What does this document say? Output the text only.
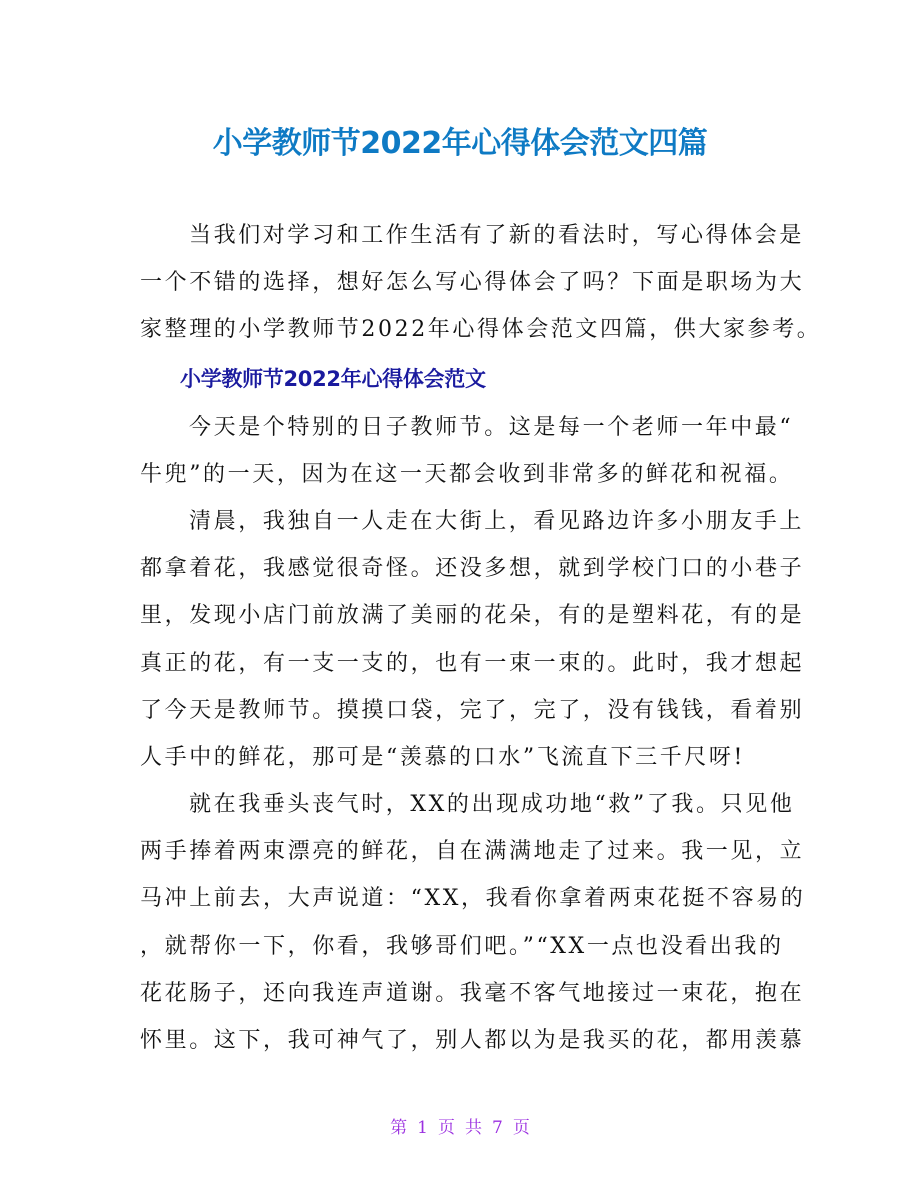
小学教师节2022年心得体会范文四篇
当我们对学习和工作生活有了新的看法时，写心得体会是
一个不错的选择，想好怎么写心得体会了吗？下面是职场为大
家整理的小学教师节2022年心得体会范文四篇，供大家参考。
小学教师节2022年心得体会范文
今天是个特别的日子教师节。这是每一个老师一年中最“
牛兜”的一天，因为在这一天都会收到非常多的鲜花和祝福。
清晨，我独自一人走在大街上，看见路边许多小朋友手上
都拿着花，我感觉很奇怪。还没多想，就到学校门口的小巷子
里，发现小店门前放满了美丽的花朵，有的是塑料花，有的是
真正的花，有一支一支的，也有一束一束的。此时，我才想起
了今天是教师节。摸摸口袋，完了，完了，没有钱钱，看着别
人手中的鲜花，那可是“羡慕的口水”飞流直下三千尺呀!
就在我垂头丧气时，XX的出现成功地“救”了我。只见他
两手捧着两束漂亮的鲜花，自在满满地走了过来。我一见，立
马冲上前去，大声说道：“XX，我看你拿着两束花挺不容易的
，就帮你一下，你看，我够哥们吧。”“XX一点也没看出我的
花花肠子，还向我连声道谢。我毫不客气地接过一束花，抱在
怀里。这下，我可神气了，别人都以为是我买的花，都用羡慕
第 1 页 共 7 页
